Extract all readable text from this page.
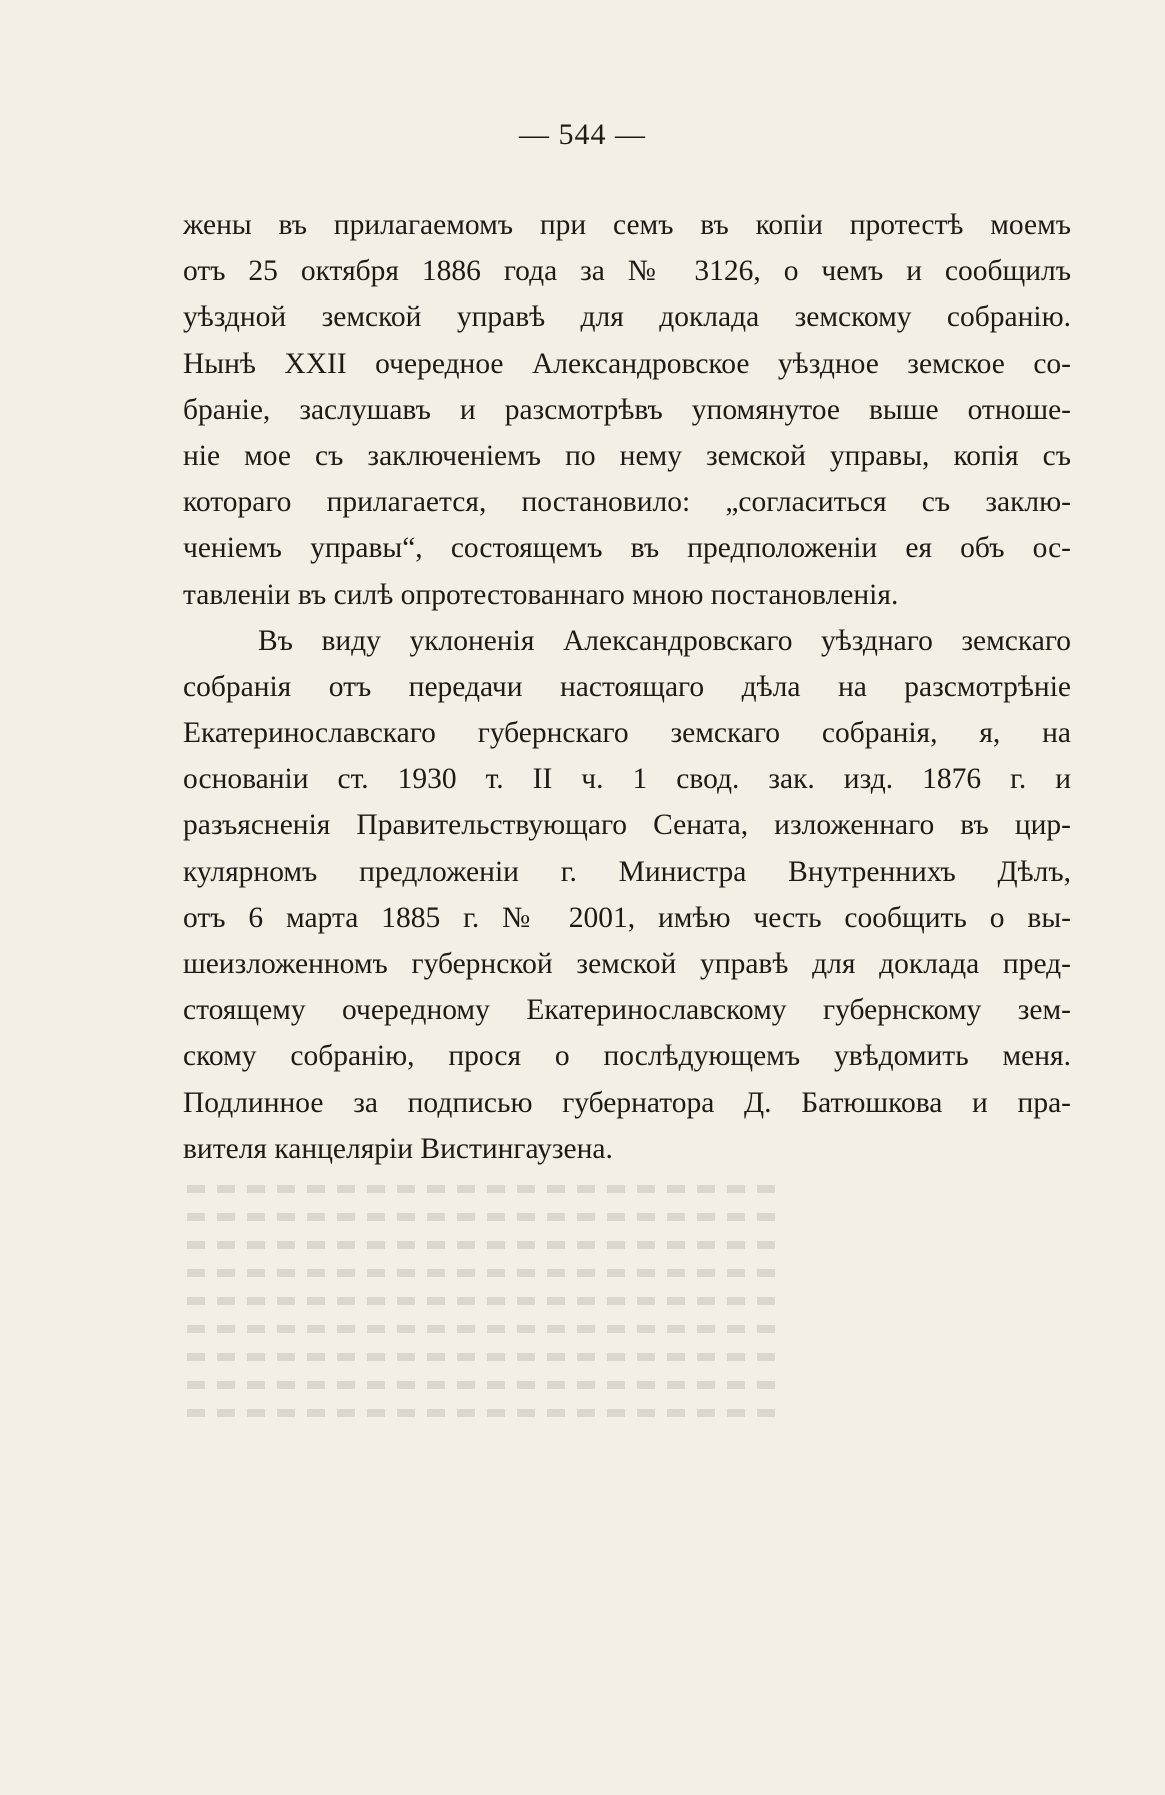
— 544 —
жены въ прилагаемомъ при семъ въ копіи протестѣ моемъ
отъ 25 октября 1886 года за № 3126, о чемъ и сообщилъ
уѣздной земской управѣ для доклада земскому собранію.
Нынѣ XXII очередное Александровское уѣздное земское со-
браніе, заслушавъ и разсмотрѣвъ упомянутое выше отноше-
ніе мое съ заключеніемъ по нему земской управы, копія съ
котораго прилагается, постановило: „согласиться съ заклю-
ченіемъ управы“, состоящемъ въ предположеніи ея объ ос-
тавленіи въ силѣ опротестованнаго мною постановленія.
Въ виду уклоненія Александровскаго уѣзднаго земскаго
собранія отъ передачи настоящаго дѣла на разсмотрѣніе
Екатеринославскаго губернскаго земскаго собранія, я, на
основаніи ст. 1930 т. II ч. 1 свод. зак. изд. 1876 г. и
разъясненія Правительствующаго Сената, изложеннаго въ цир-
кулярномъ предложеніи г. Министра Внутреннихъ Дѣлъ,
отъ 6 марта 1885 г. № 2001, имѣю честь сообщить о вы-
шеизложенномъ губернской земской управѣ для доклада пред-
стоящему очередному Екатеринославскому губернскому зем-
скому собранію, прося о послѣдующемъ увѣдомить меня.
Подлинное за подписью губернатора Д. Батюшкова и пра-
вителя канцеляріи Вистингаузена.
